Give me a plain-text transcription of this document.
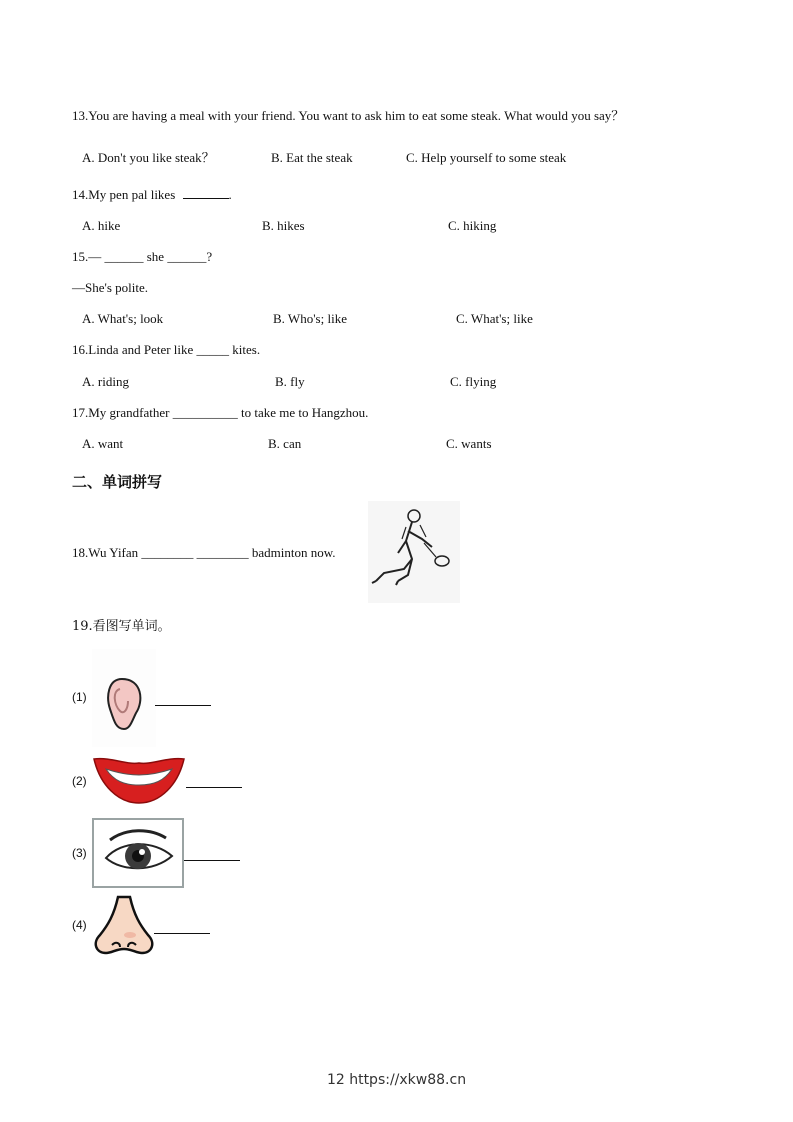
13.You are having a meal with your friend. You want to ask him to eat some steak. What would you say？
A. Don't you like steak？	B. Eat the steak	C. Help yourself to some steak
14.My pen pal likes	.
A. hike	B. hikes	C. hiking
15.— ______ she ______?
—She's polite.
A. What's; look	B. Who's; like	C. What's; like
16.Linda and Peter like _____ kites.
A. riding	B. fly	C. flying
17.My grandfather __________ to take me to Hangzhou.
A. want	B. can	C. wants
二、单词拼写
18.Wu Yifan ________ ________ badminton now.
19.看图写单词。
(1)
(2)
(3)
(4)
12 https://xkw88.cn
